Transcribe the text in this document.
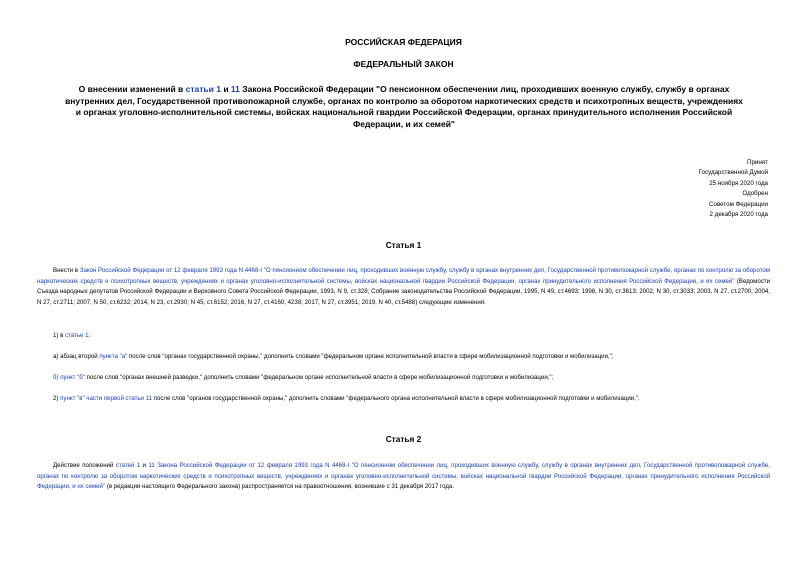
РОССИЙСКАЯ ФЕДЕРАЦИЯ
ФЕДЕРАЛЬНЫЙ ЗАКОН
О внесении изменений в статьи 1 и 11 Закона Российской Федерации "О пенсионном обеспечении лиц, проходивших военную службу, службу в органах внутренних дел, Государственной противопожарной службе, органах по контролю за оборотом наркотических средств и психотропных веществ, учреждениях и органах уголовно-исполнительной системы, войсках национальной гвардии Российской Федерации, органах принудительного исполнения Российской Федерации, и их семей"
Принят
Государственной Думой
25 ноября 2020 года
Одобрен
Советом Федерации
2 декабря 2020 года
Статья 1
Внести в Закон Российской Федерации от 12 февраля 1993 года N 4468-I "О пенсионном обеспечении лиц, проходивших военную службу, службу в органах внутренних дел, Государственной противопожарной службе, органах по контролю за оборотом наркотических средств и психотропных веществ, учреждениях и органах уголовно-исполнительной системы, войсках национальной гвардии Российской Федерации, органах принудительного исполнения Российской Федерации, и их семей" (Ведомости Съезда народных депутатов Российской Федерации и Верховного Совета Российской Федерации, 1993, N 9, ст.328; Собрание законодательства Российской Федерации, 1995, N 49, ст.4693; 1998, N 30, ст.3613; 2002, N 30, ст.3033; 2003, N 27, ст.2700; 2004, N 27, ст.2711; 2007, N 50, ст.6232; 2014, N 23, ст.2930; N 45, ст.6152; 2016, N 27, ст.4160, 4238; 2017, N 27, ст.3951; 2019, N 40, ст.5488) следующие изменения:
1) в статье 1:
а) абзац второй пункта "а" после слов "органах государственной охраны," дополнить словами "федеральном органе исполнительной власти в сфере мобилизационной подготовки и мобилизации,";
б) пункт "б" после слов "органах внешней разведки," дополнить словами "федеральном органе исполнительной власти в сфере мобилизационной подготовки и мобилизации,";
2) пункт "в" части первой статьи 11 после слов "органов государственной охраны," дополнить словами "федерального органа исполнительной власти в сфере мобилизационной подготовки и мобилизации,".
Статья 2
Действие положений статей 1 и 11 Закона Российской Федерации от 12 февраля 1993 года N 4468-I "О пенсионном обеспечении лиц, проходивших военную службу, службу в органах внутренних дел, Государственной противопожарной службе, органах по контролю за оборотом наркотических средств и психотропных веществ, учреждениях и органах уголовно-исполнительной системы, войсках национальной гвардии Российской Федерации, органах принудительного исполнения Российской Федерации, и их семей" (в редакции настоящего Федерального закона) распространяется на правоотношения, возникшие с 31 декабря 2017 года.
